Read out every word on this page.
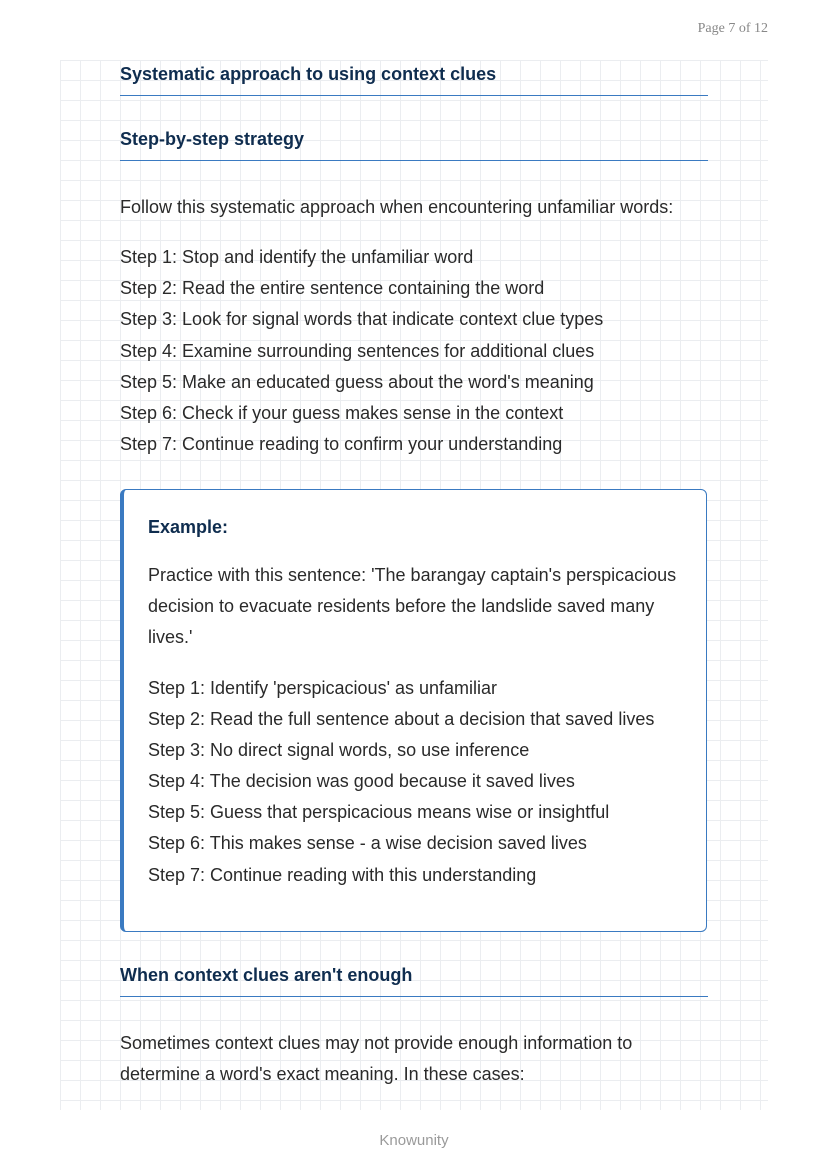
Page 7 of 12
Systematic approach to using context clues
Step-by-step strategy
Follow this systematic approach when encountering unfamiliar words:
Step 1: Stop and identify the unfamiliar word
Step 2: Read the entire sentence containing the word
Step 3: Look for signal words that indicate context clue types
Step 4: Examine surrounding sentences for additional clues
Step 5: Make an educated guess about the word's meaning
Step 6: Check if your guess makes sense in the context
Step 7: Continue reading to confirm your understanding
Example:
Practice with this sentence: 'The barangay captain's perspicacious decision to evacuate residents before the landslide saved many lives.'
Step 1: Identify 'perspicacious' as unfamiliar
Step 2: Read the full sentence about a decision that saved lives
Step 3: No direct signal words, so use inference
Step 4: The decision was good because it saved lives
Step 5: Guess that perspicacious means wise or insightful
Step 6: This makes sense - a wise decision saved lives
Step 7: Continue reading with this understanding
When context clues aren't enough
Sometimes context clues may not provide enough information to determine a word's exact meaning. In these cases:
Knowunity
